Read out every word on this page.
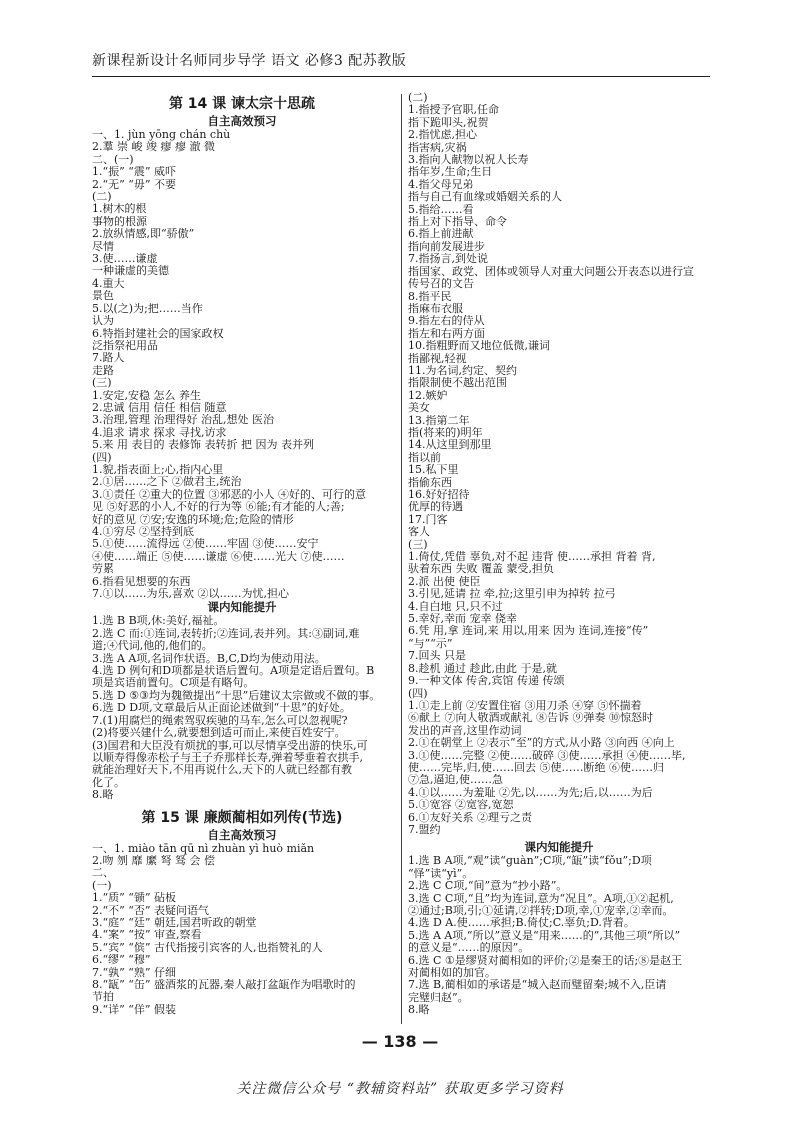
新课程新设计名师同步导学 语文 必修3 配苏教版
第 14 课 谏太宗十思疏
自主高效预习
一、1. jùn yōng chán chù
2.羣 崇 峻 竣 瘳 瘳 澈 微
二、(一)
1.“振” “震” 威吓
2.“无” “毋” 不要
(二)
1.树木的根
事物的根源
2.放纵情感,即“骄傲”
尽情
3.使……谦虚
一种谦虚的美德
4.重大
景色
5.以(之)为;把……当作
认为
6.特指封建社会的国家政权
泛指祭祀用品
7.路人
走路
(三)
1.安定,安稳 怎么 养生
2.忠诚 信用 信任 相信 随意
3.治理,管理 治理得好 治乱,想处 医治
4.追求 请求 探求 寻找,访求
5.来 用 表目的 表修饰 表转折 把 因为 表并列
(四)
1.貌,指表面上;心,指内心里
2.①居……之下 ②做君主,统治
3.①责任 ②重大的位置 ③邪恶的小人 ④好的、可行的意
见 ⑤好恶的小人,不好的行为等 ⑥能;有才能的人;善;
好的意见 ⑦安;安逸的环境;危;危险的情形
4.①穷尽 ②坚持到底
5.①使……流得远 ②使……牢固 ③使……安宁
④使……端正 ⑤使……谦虚 ⑥使……光大 ⑦使……
劳累
6.指看见想要的东西
7.①以……为乐,喜欢 ②以……为忧,担心
课内知能提升
1.选 B B项,休:美好,福祉。
2.选 C 而:①连词,表转折;②连词,表并列。其:③副词,难
道;④代词,他的,他们的。
3.选 A A项,名词作状语。B,C,D均为使动用法。
4.选 D 例句和D项都是状语后置句。A项是定语后置句。B
项是宾语前置句。C项是有略句。
5.选 D ⑤③均为魏徵提出“十思”后建议太宗做或不做的事。
6.选 D D项,文章最后从正面论述做到“十思”的好处。
7.(1)用腐烂的绳索驾驭疾驰的马车,怎么可以忽视呢?
(2)将要兴建什么,就要想到适可而止,来使百姓安宁。
(3)国君和大臣没有烦扰的事,可以尽情享受出游的快乐,可
以顺寿得像赤松子与王子乔那样长寿,弹着琴垂着衣拱手,
就能治理好天下,不用再说什么,天下的人就已经都有教
化了。
8.略
第 15 课 廉颇蔺相如列传(节选)
自主高效预习
一、1. miào tān qū nì zhuàn yì huò miǎn
2.吻 刎 靡 縻 弩 驽 会 偿
二、
(一)
1.“质” “锧” 砧板
2.“不” “否” 表疑问语气
3.“庭” “廷” 朝廷,国君听政的朝堂
4.“案” “按” 审查,察看
5.“宾” “傧” 古代指接引宾客的人,也指赞礼的人
6.“缪” “穆”
7.“孰” “熟” 仔细
8.“缻” “缶” 盛酒浆的瓦器,秦人敲打盆缻作为唱歌时的
节拍
9.“详” “佯” 假装
(二)
1.指授予官职,任命
指下跪叩头,祝贺
2.指忧虑,担心
指害病,灾祸
3.指向人献物以祝人长寿
指年岁,生命;生日
4.指父母兄弟
指与自己有血缘或婚姻关系的人
5.指给……看
指上对下指导、命令
6.指上前进献
指向前发展进步
7.指扬言,到处说
指国家、政党、团体或领导人对重大问题公开表态以进行宣
传号召的文告
8.指平民
指麻布衣服
9.指左右的侍从
指左和右两方面
10.指粗野而又地位低微,谦词
指鄙视,轻视
11.为名词,约定、契约
指限制使不越出范围
12.嫉妒
美女
13.指第二年
指(将来的)明年
14.从这里到那里
指以前
15.私下里
指偷东西
16.好好招待
优厚的待遇
17.门客
客人
(三)
1.倚仗,凭借 辜负,对不起 违背 使……承担 背着 背,
驮着东西 失败 覆盖 蒙受,担负
2.派 出使 使臣
3.引见,延请 拉 牵,拉;这里引申为掉转 拉弓
4.自白地 只,只不过
5.幸好,幸而 宠幸 侥幸
6.凭 用,拿 连词,来 用以,用来 因为 连词,连接“传”
“与”“示”
7.回头 只是
8.趁机 通过 趁此,由此 于是,就
9.一种文体 传舍,宾馆 传递 传颂
(四)
1.①走上前 ②安置住宿 ③用刀杀 ④穿 ⑤怀揣着
⑥献上 ⑦向人敬酒或献礼 ⑧告诉 ⑨弹奏 ⑩惊怒时
发出的声音,这里作动词
2.①在朝堂上 ②表示“至”的方式,从小路 ③向西 ④向上
3.①使……完整 ②使……破碎 ③使……承担 ④使……毕,
使……完毕,归,使……回去 ⑤使……断绝 ⑥使……归
⑦急,逼迫,使……急
4.①以……为羞耻 ②先,以……为先;后,以……为后
5.①宽容 ②宽容,宽恕
6.①友好关系 ②理亏之责
7.盟约
课内知能提升
1.选 B A项,“观”读“guàn”;C项,“缻”读“fǒu”;D项
“怿”读“yì”。
2.选 C C项,“间”意为“抄小路”。
3.选 C C项,“且”均为连词,意为“况且”。A项,①②起机,
②通过;B项,引;①延请,②拌转;D项,幸,①宠幸,②幸而。
4.选 D A.使……承担;B.倚仗;C.辜负;D.背着。
5.选 A A项,“所以”意义是“用来……的”,其他三项“所以”
的意义是“……的原因”。
6.选 C ①是缪贤对蔺相如的评价;②是秦王的话;⑧是赵王
对蔺相如的加官。
7.选 B,蔺相如的承诺是“城入赵而璧留秦;城不入,臣请
完璧归赵”。
8.略
— 138 —
关注微信公众号 “教辅资料站” 获取更多学习资料
